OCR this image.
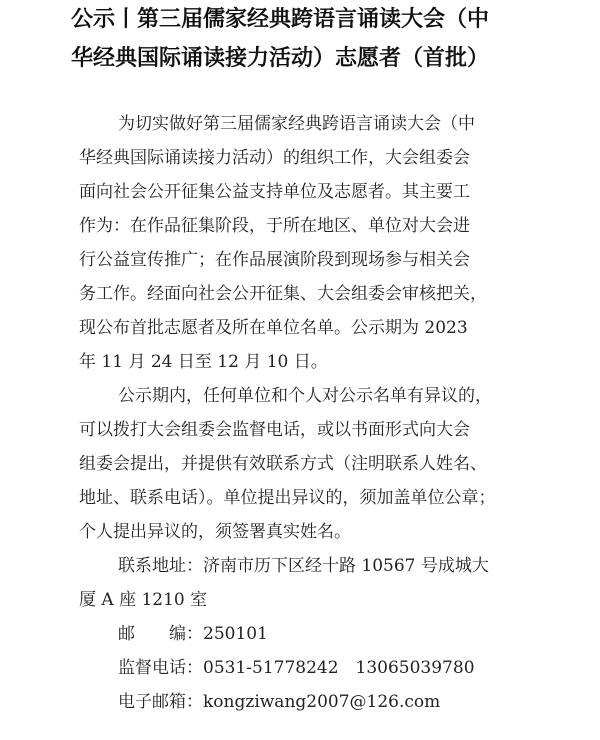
公示丨第三届儒家经典跨语言诵读大会（中
华经典国际诵读接力活动）志愿者（首批）
为切实做好第三届儒家经典跨语言诵读大会（中
华经典国际诵读接力活动）的组织工作，大会组委会
面向社会公开征集公益支持单位及志愿者。其主要工
作为：在作品征集阶段，于所在地区、单位对大会进
行公益宣传推广；在作品展演阶段到现场参与相关会
务工作。经面向社会公开征集、大会组委会审核把关，
现公布首批志愿者及所在单位名单。公示期为 2023
年 11 月 24 日至 12 月 10 日。
公示期内，任何单位和个人对公示名单有异议的，
可以拨打大会组委会监督电话，或以书面形式向大会
组委会提出，并提供有效联系方式（注明联系人姓名、
地址、联系电话）。单位提出异议的，须加盖单位公章；
个人提出异议的，须签署真实姓名。
联系地址：济南市历下区经十路 10567 号成城大
厦 A 座 1210 室
邮　　编：250101
监督电话：0531-51778242　13065039780
电子邮箱：kongziwang2007@126.com
